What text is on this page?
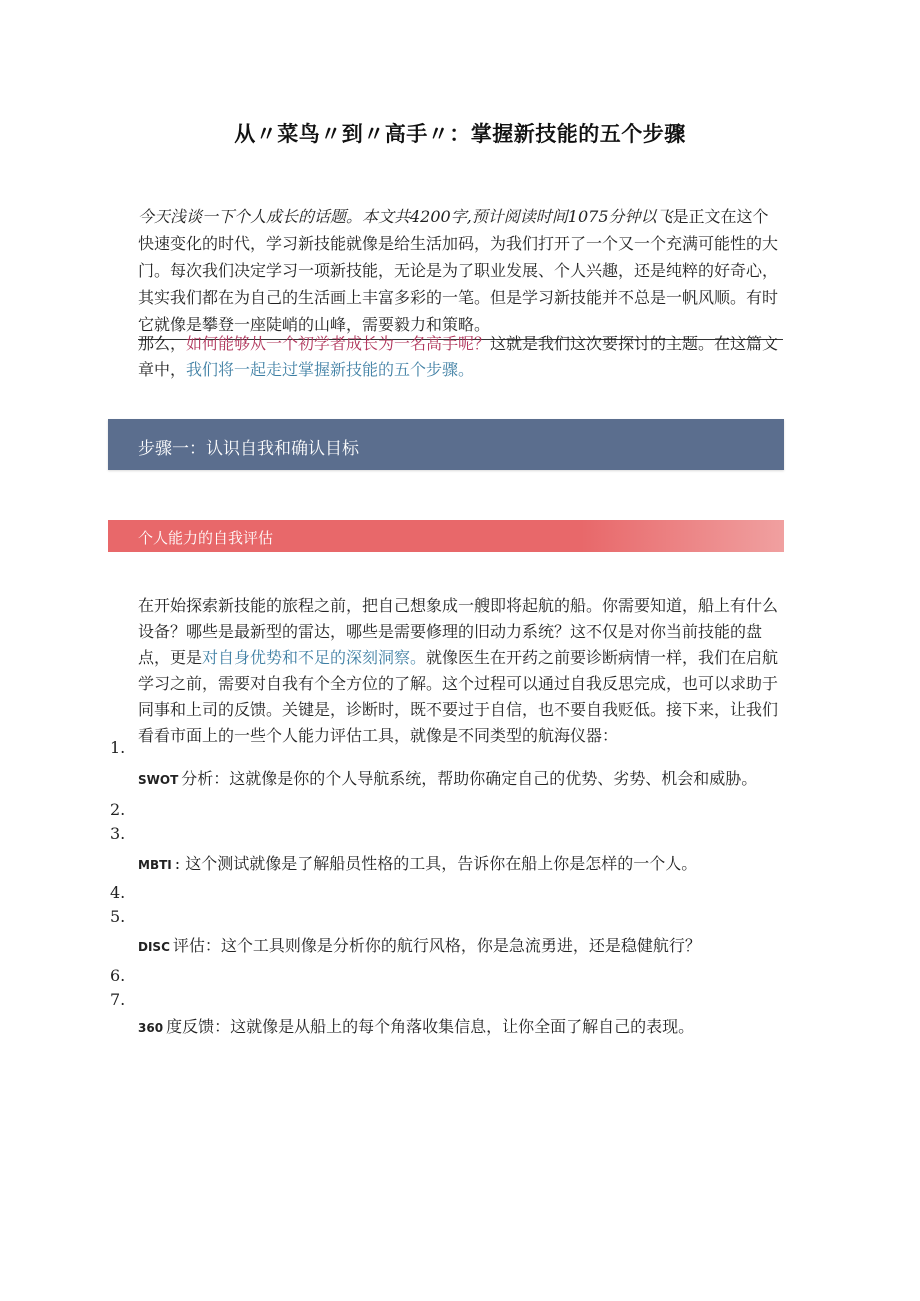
从〃菜鸟〃到〃高手〃：掌握新技能的五个步骤
今天浅谈一下个人成长的话题。本文共4200字,预计阅读时间1075分钟以飞是正文在这个快速变化的时代，学习新技能就像是给生活加码，为我们打开了一个又一个充满可能性的大门。每次我们决定学习一项新技能，无论是为了职业发展、个人兴趣，还是纯粹的好奇心，其实我们都在为自己的生活画上丰富多彩的一笔。但是学习新技能并不总是一帆风顺。有时它就像是攀登一座陡峭的山峰，需要毅力和策略。
那么，如何能够从一个初学者成长为一名高手呢？这就是我们这次要探讨的主题。在这篇文章中，我们将一起走过掌握新技能的五个步骤。
步骤一：认识自我和确认目标
个人能力的自我评估
在开始探索新技能的旅程之前，把自己想象成一艘即将起航的船。你需要知道，船上有什么设备？哪些是最新型的雷达，哪些是需要修理的旧动力系统？这不仅是对你当前技能的盘点，更是对自身优势和不足的深刻洞察。就像医生在开药之前要诊断病情一样，我们在启航学习之前，需要对自我有个全方位的了解。这个过程可以通过自我反思完成，也可以求助于同事和上司的反馈。关键是，诊断时，既不要过于自信，也不要自我贬低。接下来，让我们看看市面上的一些个人能力评估工具，就像是不同类型的航海仪器：
1.
SWOT 分析：这就像是你的个人导航系统，帮助你确定自己的优势、劣势、机会和威胁。
2.
3.
MBTI : 这个测试就像是了解船员性格的工具，告诉你在船上你是怎样的一个人。
4.
5.
DISC 评估：这个工具则像是分析你的航行风格，你是急流勇进，还是稳健航行？
6.
7.
360 度反馈：这就像是从船上的每个角落收集信息，让你全面了解自己的表现。
